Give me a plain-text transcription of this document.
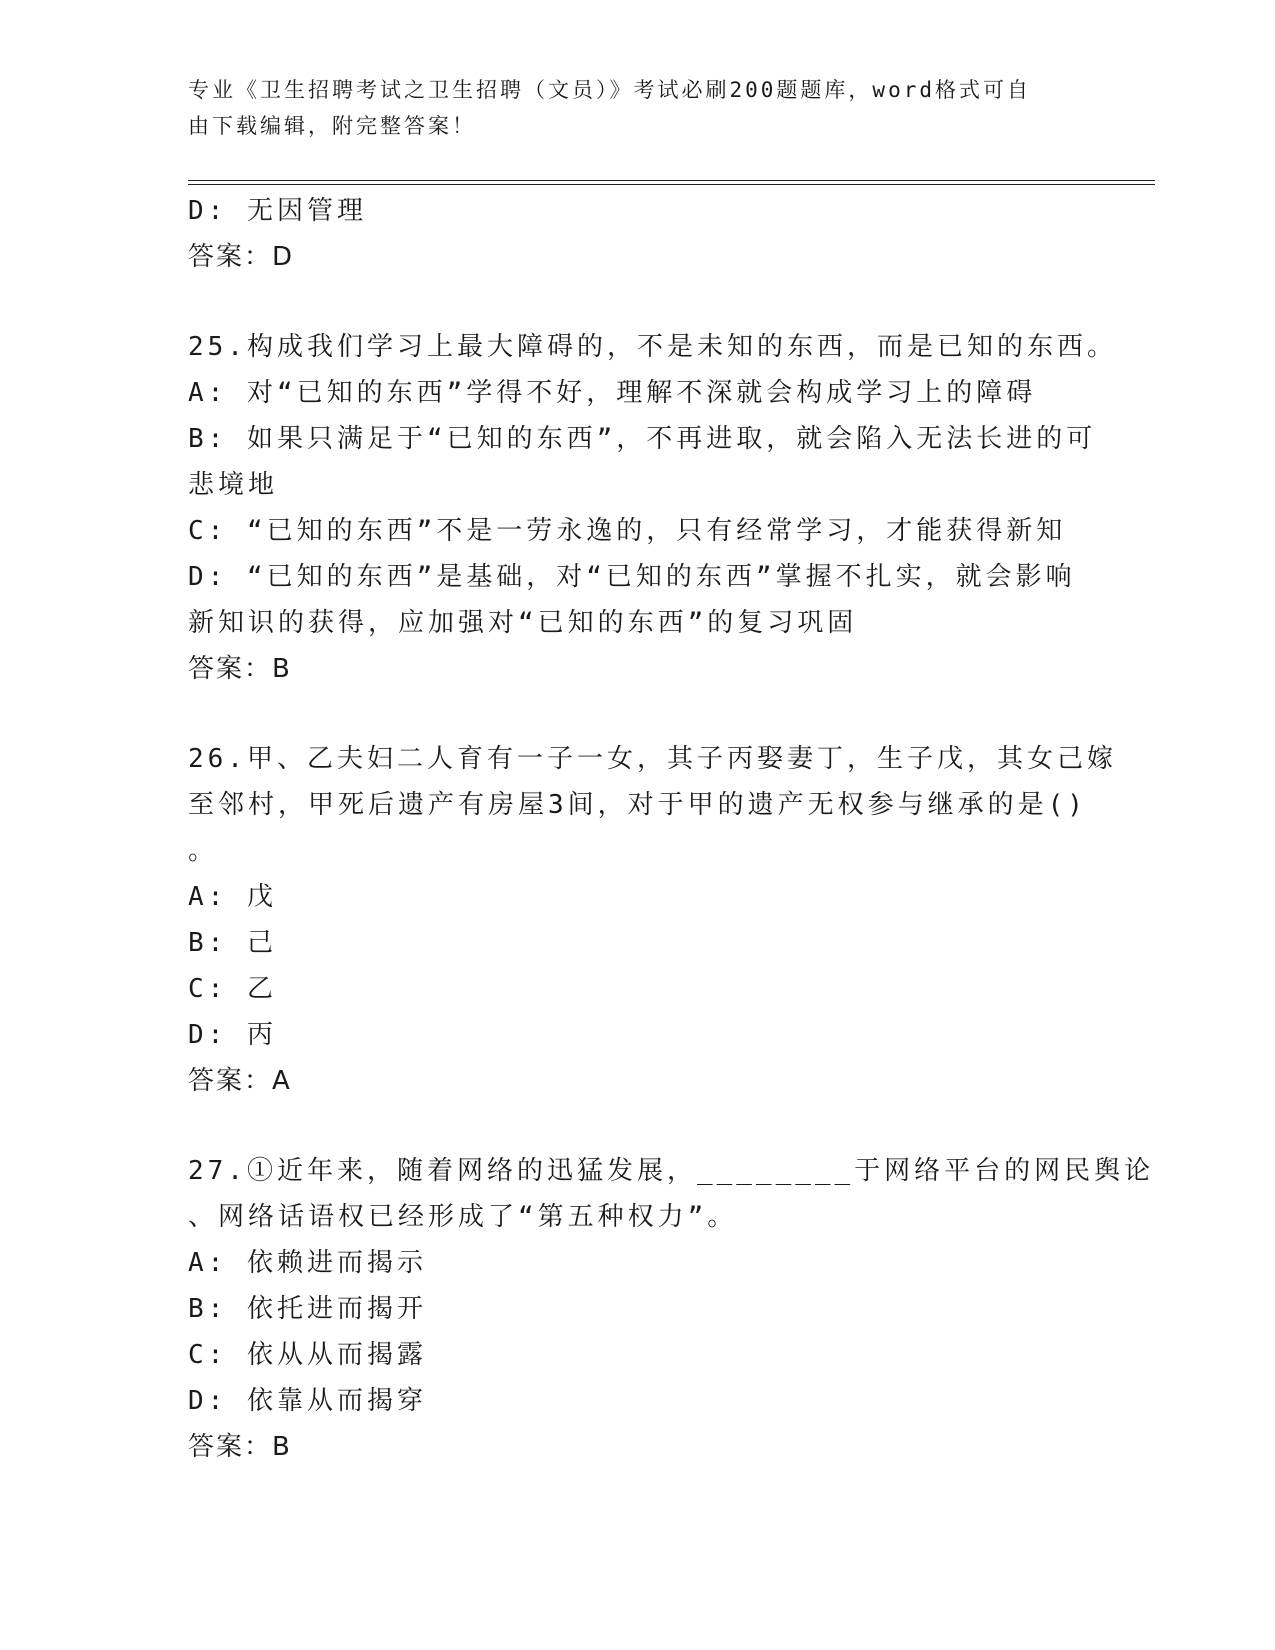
专业《卫生招聘考试之卫生招聘（文员）》考试必刷200题题库，word格式可自
由下载编辑，附完整答案！
D: 无因管理
答案：D
25.构成我们学习上最大障碍的，不是未知的东西，而是已知的东西。
A: 对“已知的东西”学得不好，理解不深就会构成学习上的障碍
B: 如果只满足于“已知的东西”，不再进取，就会陷入无法长进的可
悲境地
C: “已知的东西”不是一劳永逸的，只有经常学习，才能获得新知
D: “已知的东西”是基础，对“已知的东西”掌握不扎实，就会影响
新知识的获得，应加强对“已知的东西”的复习巩固
答案：B
26.甲、乙夫妇二人育有一子一女，其子丙娶妻丁，生子戊，其女己嫁
至邻村，甲死后遗产有房屋3间，对于甲的遗产无权参与继承的是()
。
A: 戊
B: 己
C: 乙
D: 丙
答案：A
27.①近年来，随着网络的迅猛发展，________于网络平台的网民舆论
、网络话语权已经形成了“第五种权力”。
A: 依赖进而揭示
B: 依托进而揭开
C: 依从从而揭露
D: 依靠从而揭穿
答案：B
